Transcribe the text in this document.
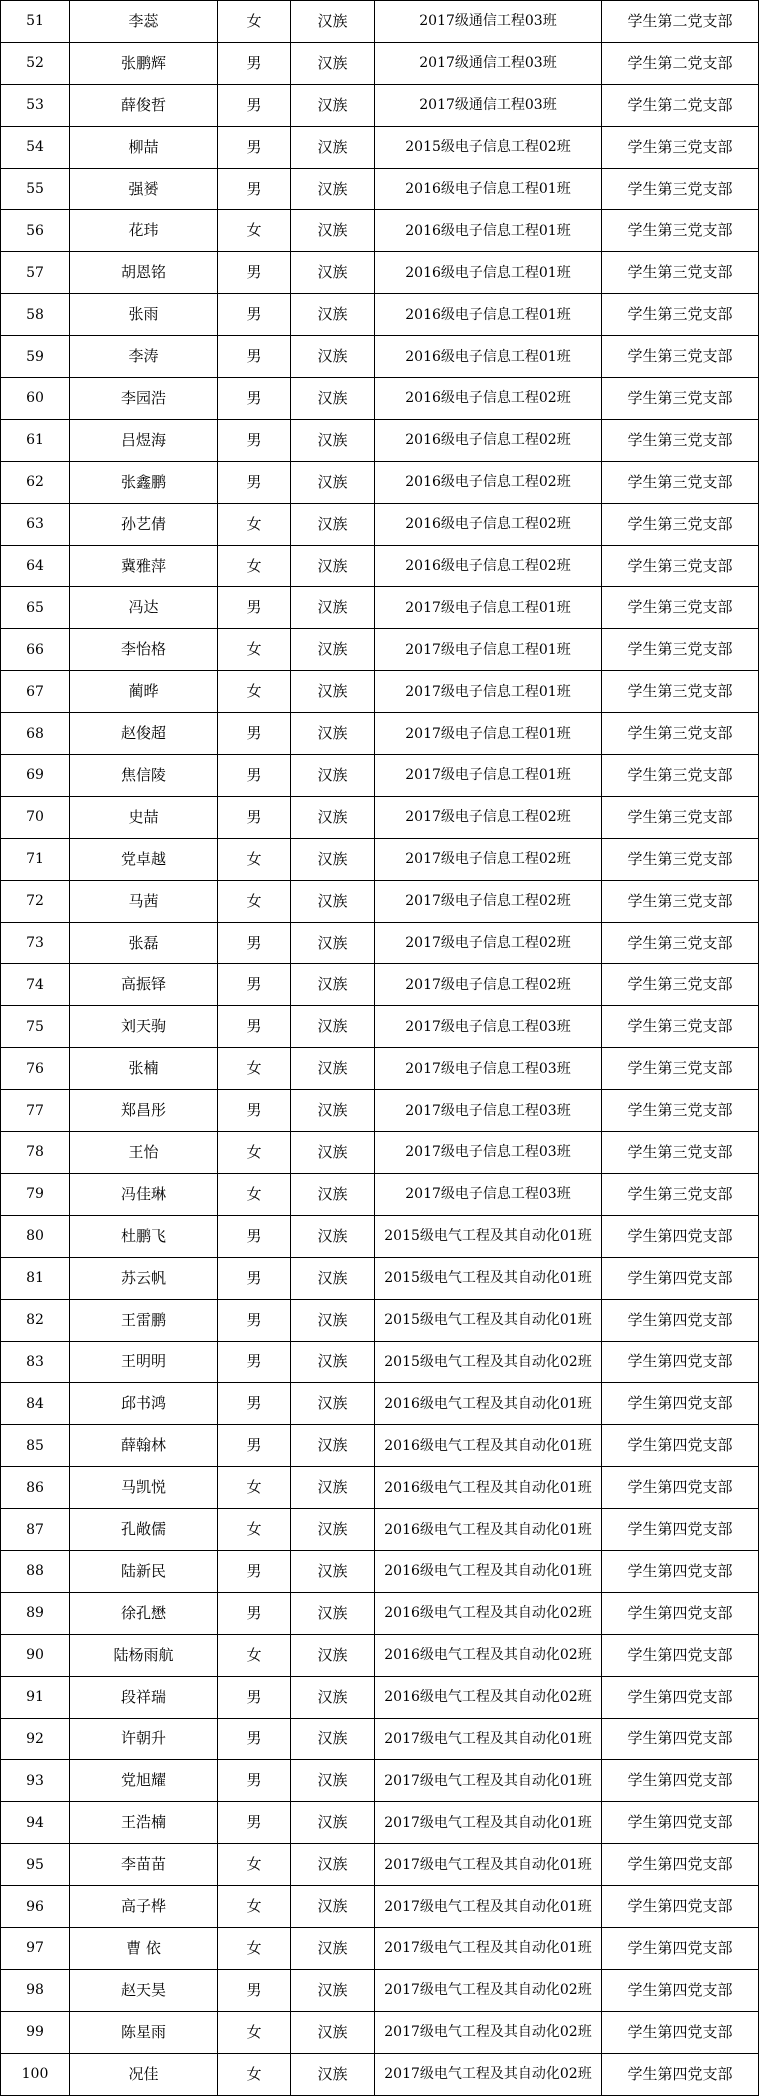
51	李蕊	女	汉族	2017级通信工程03班	学生第二党支部
52	张鹏辉	男	汉族	2017级通信工程03班	学生第二党支部
53	薛俊哲	男	汉族	2017级通信工程03班	学生第二党支部
54	柳喆	男	汉族	2015级电子信息工程02班	学生第三党支部
55	强赟	男	汉族	2016级电子信息工程01班	学生第三党支部
56	花玮	女	汉族	2016级电子信息工程01班	学生第三党支部
57	胡恩铭	男	汉族	2016级电子信息工程01班	学生第三党支部
58	张雨	男	汉族	2016级电子信息工程01班	学生第三党支部
59	李涛	男	汉族	2016级电子信息工程01班	学生第三党支部
60	李园浩	男	汉族	2016级电子信息工程02班	学生第三党支部
61	吕煜海	男	汉族	2016级电子信息工程02班	学生第三党支部
62	张鑫鹏	男	汉族	2016级电子信息工程02班	学生第三党支部
63	孙艺倩	女	汉族	2016级电子信息工程02班	学生第三党支部
64	冀雅萍	女	汉族	2016级电子信息工程02班	学生第三党支部
65	冯达	男	汉族	2017级电子信息工程01班	学生第三党支部
66	李怡格	女	汉族	2017级电子信息工程01班	学生第三党支部
67	蔺晔	女	汉族	2017级电子信息工程01班	学生第三党支部
68	赵俊超	男	汉族	2017级电子信息工程01班	学生第三党支部
69	焦信陵	男	汉族	2017级电子信息工程01班	学生第三党支部
70	史喆	男	汉族	2017级电子信息工程02班	学生第三党支部
71	党卓越	女	汉族	2017级电子信息工程02班	学生第三党支部
72	马茜	女	汉族	2017级电子信息工程02班	学生第三党支部
73	张磊	男	汉族	2017级电子信息工程02班	学生第三党支部
74	高振铎	男	汉族	2017级电子信息工程02班	学生第三党支部
75	刘天驹	男	汉族	2017级电子信息工程03班	学生第三党支部
76	张楠	女	汉族	2017级电子信息工程03班	学生第三党支部
77	郑昌彤	男	汉族	2017级电子信息工程03班	学生第三党支部
78	王怡	女	汉族	2017级电子信息工程03班	学生第三党支部
79	冯佳琳	女	汉族	2017级电子信息工程03班	学生第三党支部
80	杜鹏飞	男	汉族	2015级电气工程及其自动化01班	学生第四党支部
81	苏云帆	男	汉族	2015级电气工程及其自动化01班	学生第四党支部
82	王雷鹏	男	汉族	2015级电气工程及其自动化01班	学生第四党支部
83	王明明	男	汉族	2015级电气工程及其自动化02班	学生第四党支部
84	邱书鸿	男	汉族	2016级电气工程及其自动化01班	学生第四党支部
85	薛翰林	男	汉族	2016级电气工程及其自动化01班	学生第四党支部
86	马凯悦	女	汉族	2016级电气工程及其自动化01班	学生第四党支部
87	孔敞儒	女	汉族	2016级电气工程及其自动化01班	学生第四党支部
88	陆新民	男	汉族	2016级电气工程及其自动化01班	学生第四党支部
89	徐孔懋	男	汉族	2016级电气工程及其自动化02班	学生第四党支部
90	陆杨雨航	女	汉族	2016级电气工程及其自动化02班	学生第四党支部
91	段祥瑞	男	汉族	2016级电气工程及其自动化02班	学生第四党支部
92	许朝升	男	汉族	2017级电气工程及其自动化01班	学生第四党支部
93	党旭耀	男	汉族	2017级电气工程及其自动化01班	学生第四党支部
94	王浩楠	男	汉族	2017级电气工程及其自动化01班	学生第四党支部
95	李苗苗	女	汉族	2017级电气工程及其自动化01班	学生第四党支部
96	高子桦	女	汉族	2017级电气工程及其自动化01班	学生第四党支部
97	曹 依	女	汉族	2017级电气工程及其自动化01班	学生第四党支部
98	赵天昊	男	汉族	2017级电气工程及其自动化02班	学生第四党支部
99	陈星雨	女	汉族	2017级电气工程及其自动化02班	学生第四党支部
100	况佳	女	汉族	2017级电气工程及其自动化02班	学生第四党支部
